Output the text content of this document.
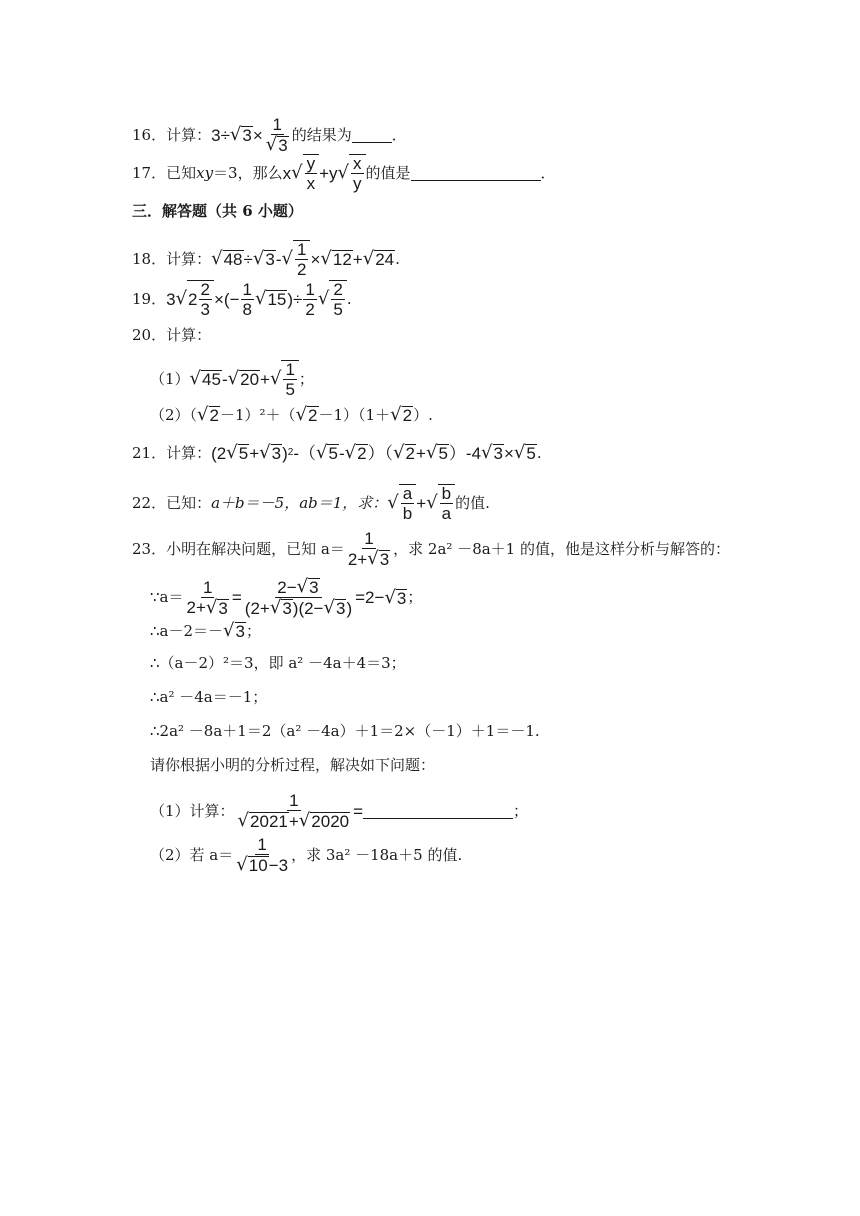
16． 计算： 3÷ √ $3 \times \frac{1}{√ 3}$ 的结果为	．
17． 已知 xy ＝3，那么 x √ $\frac{y}{x} +y$ √ $\frac{x}{y}$ 的值是	．
三．解答题（共 6 小题）
18． 计算： √ 48 ÷ √ 3 - √ $\frac{1}{2}$ × √ 12 + √ 24 .
19． 3 √ $2 \frac{2}{3}$ ×(− $\frac{1}{8}$ √ 15 )÷ $\frac{1}{2}$ √ $\frac{2}{5}$ .
20． 计算：
（1） √ 45 - √ 20 + √ $\frac{1}{5}$ ；
（2）（ √ 2 －1）²＋（ √ 2 －1）（1＋ √ 2 ）.
21． 计算： (2 √ 5 + √ 3 ) 2 -（ √ 5 - √ 2 ）（ √ 2 + √ 5 ）-4 √ 3 × √ 5 .
22． 已知： a＋b＝－5，ab＝1，求： √ $\frac{a}{b}$ + √ $\frac{b}{a}$ 的值.
23． 小明在解决问题，已知 $a= \frac{1}{2+ √ 3}$ ，求 2a² －8a＋1 的值，他是这样分析与解答的：
∵a＝ $\frac{1}{2+ √ 3} = \frac{2- √ 3}{(2+ √ 3 )(2- √ 3 )} =2-$ √ 3 ；
∴a－2＝－ √ 3 ；
∴（a－2）²＝3，即 a² －4a＋4＝3；
∴a² －4a＝－1；
∴2a² －8a＋1＝2（a² －4a）＋1＝2×（－1）＋1＝－1.
请你根据小明的分析过程，解决如下问题：
（1）计算： $\frac{1}{√ 2021 + √ 2020}$ =	；
（2）若 $a= \frac{1}{√ 10 -3}$ ，求 3a² －18a＋5 的值.
